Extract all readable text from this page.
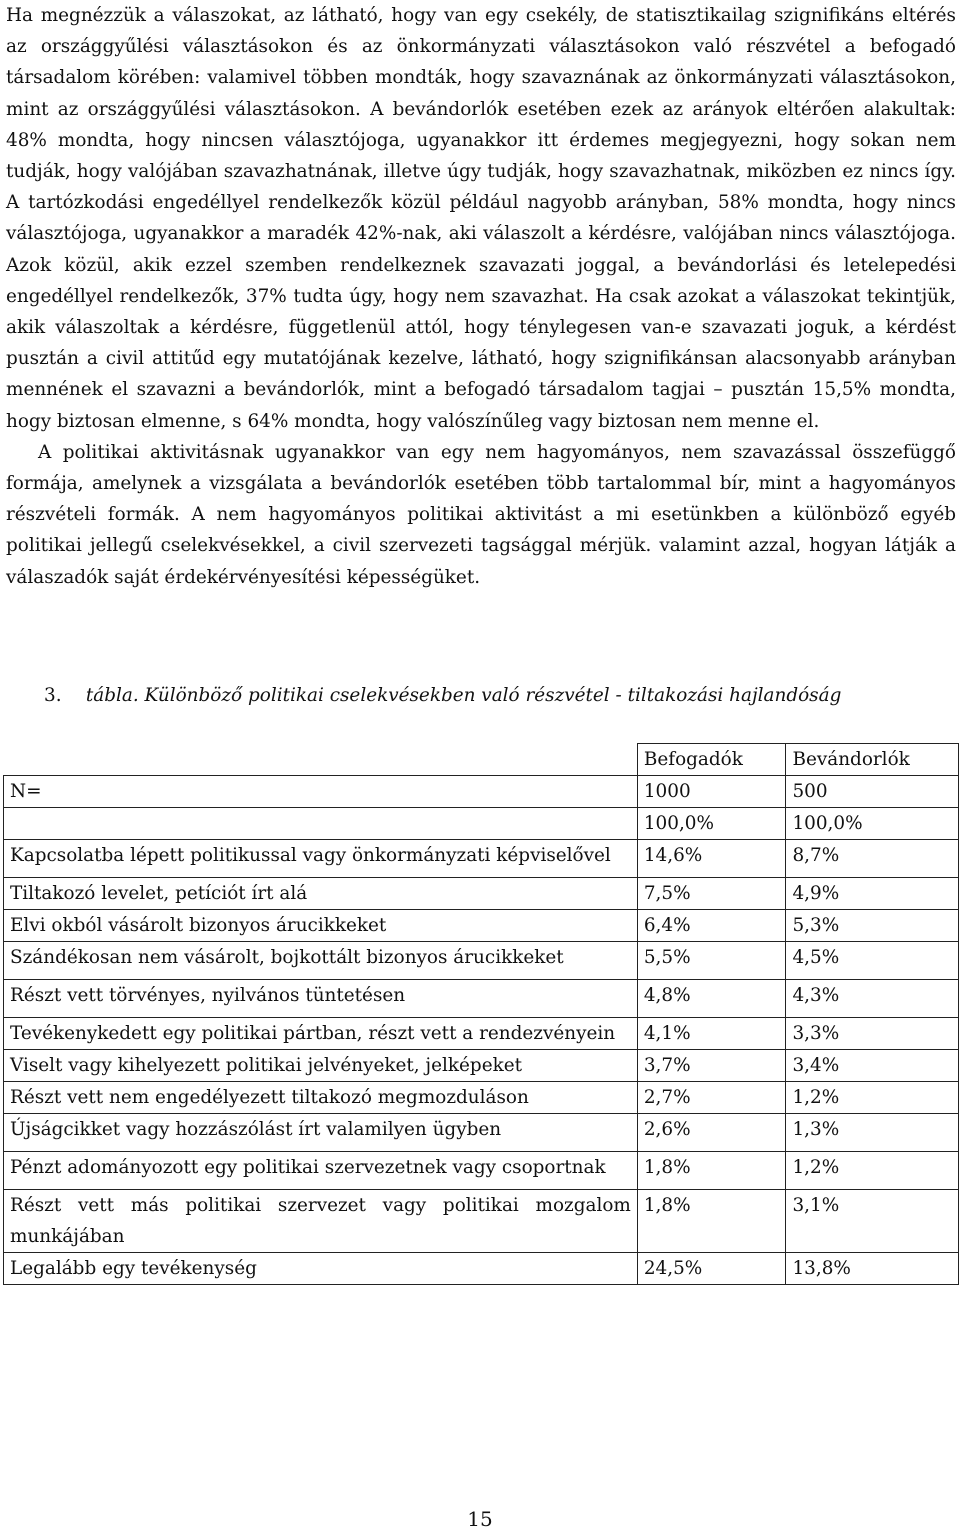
Ha megnézzük a válaszokat, az látható, hogy van egy csekély, de statisztikailag szignifikáns eltérés az országgyűlési választásokon és az önkormányzati választásokon való részvétel a befogadó társadalom körében: valamivel többen mondták, hogy szavaznának az önkormányzati választásokon, mint az országgyűlési választásokon. A bevándorlók esetében ezek az arányok eltérően alakultak: 48% mondta, hogy nincsen választójoga, ugyanakkor itt érdemes megjegyezni, hogy sokan nem tudják, hogy valójában szavazhatnának, illetve úgy tudják, hogy szavazhatnak, miközben ez nincs így. A tartózkodási engedéllyel rendelkezők közül például nagyobb arányban, 58% mondta, hogy nincs választójoga, ugyanakkor a maradék 42%-nak, aki válaszolt a kérdésre, valójában nincs választójoga. Azok közül, akik ezzel szemben rendelkeznek szavazati joggal, a bevándorlási és letelepedési engedéllyel rendelkezők, 37% tudta úgy, hogy nem szavazhat. Ha csak azokat a válaszokat tekintjük, akik válaszoltak a kérdésre, függetlenül attól, hogy ténylegesen van-e szavazati joguk, a kérdést pusztán a civil attitűd egy mutatójának kezelve, látható, hogy szignifikánsan alacsonyabb arányban mennének el szavazni a bevándorlók, mint a befogadó társadalom tagjai – pusztán 15,5% mondta, hogy biztosan elmenne, s 64% mondta, hogy valószínűleg vagy biztosan nem menne el.

A politikai aktivitásnak ugyanakkor van egy nem hagyományos, nem szavazással összefüggő formája, amelynek a vizsgálata a bevándorlók esetében több tartalommal bír, mint a hagyományos részvételi formák. A nem hagyományos politikai aktivitást a mi esetünkben a különböző egyéb politikai jellegű cselekvésekkel, a civil szervezeti tagsággal mérjük. valamint azzal, hogyan látják a válaszadók saját érdekérvényesítési képességüket.

3. tábla. Különböző politikai cselekvésekben való részvétel - tiltakozási hajlandóság
	Befogadók	Bevándorlók
N=	1000	500
	100,0%	100,0%
Kapcsolatba lépett politikussal vagy önkormányzati képviselővel	14,6%	8,7%
Tiltakozó levelet, petíciót írt alá	7,5%	4,9%
Elvi okból vásárolt bizonyos árucikkeket	6,4%	5,3%
Szándékosan nem vásárolt, bojkottált bizonyos árucikkeket	5,5%	4,5%
Részt vett törvényes, nyilvános tüntetésen	4,8%	4,3%
Tevékenykedett egy politikai pártban, részt vett a rendezvényein	4,1%	3,3%
Viselt vagy kihelyezett politikai jelvényeket, jelképeket	3,7%	3,4%
Részt vett nem engedélyezett tiltakozó megmozduláson	2,7%	1,2%
Újságcikket vagy hozzászólást írt valamilyen ügyben	2,6%	1,3%
Pénzt adományozott egy politikai szervezetnek vagy csoportnak	1,8%	1,2%
Részt vett más politikai szervezet vagy politikai mozgalom munkájában	1,8%	3,1%
Legalább egy tevékenység	24,5%	13,8%
15
